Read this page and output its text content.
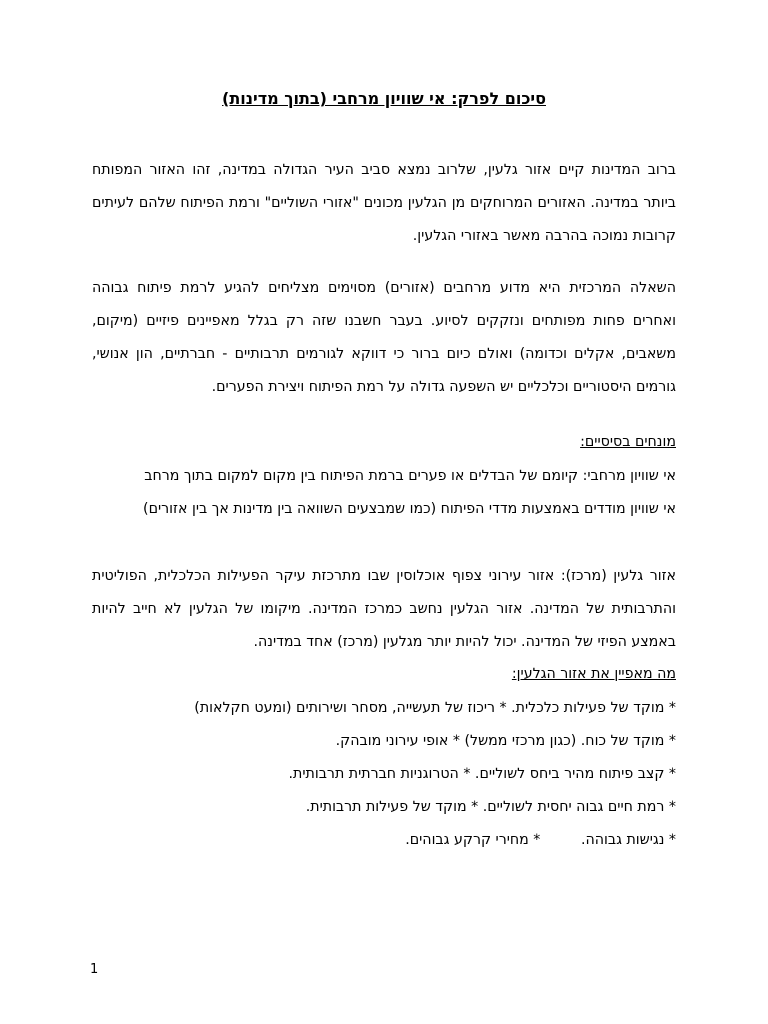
סיכום לפרק: אי שוויון מרחבי (בתוך מדינות)

ברוב המדינות קיים אזור גלעין, שלרוב נמצא סביב העיר הגדולה במדינה, זהו האזור המפותח ביותר במדינה. האזורים המרוחקים מן הגלעין מכונים "אזורי השוליים" ורמת הפיתוח שלהם לעיתים קרובות נמוכה בהרבה מאשר באזורי הגלעין.

השאלה המרכזית היא מדוע מרחבים (אזורים) מסוימים מצליחים להגיע לרמת פיתוח גבוהה ואחרים פחות מפותחים ונזקקים לסיוע. בעבר חשבנו שזה רק בגלל מאפיינים פיזיים (מיקום, משאבים, אקלים וכדומה) ואולם כיום ברור כי דווקא לגורמים תרבותיים - חברתיים, הון אנושי, גורמים היסטוריים וכלכליים יש השפעה גדולה על רמת הפיתוח ויצירת הפערים.

מונחים בסיסיים:

אי שוויון מרחבי: קיומם של הבדלים או פערים ברמת הפיתוח בין מקום למקום בתוך מרחב

אי שוויון מודדים באמצעות מדדי הפיתוח (כמו שמבצעים השוואה בין מדינות אך בין אזורים)

אזור גלעין (מרכז): אזור עירוני צפוף אוכלוסין שבו מתרכזת עיקר הפעילות הכלכלית, הפוליטית והתרבותית של המדינה. אזור הגלעין נחשב כמרכז המדינה. מיקומו של הגלעין לא חייב להיות באמצע הפיזי של המדינה. יכול להיות יותר מגלעין (מרכז) אחד במדינה.

מה מאפיין את אזור הגלעין:

* מוקד של פעילות כלכלית. * ריכוז של תעשייה, מסחר ושירותים (ומעט חקלאות)

* מוקד של כוח. (כגון מרכזי ממשל) * אופי עירוני מובהק.

* קצב פיתוח מהיר ביחס לשוליים. * הטרוגניות חברתית תרבותית.

* רמת חיים גבוה יחסית לשוליים. * מוקד של פעילות תרבותית.

* נגישות גבוהה.         * מחירי קרקע גבוהים.

1
